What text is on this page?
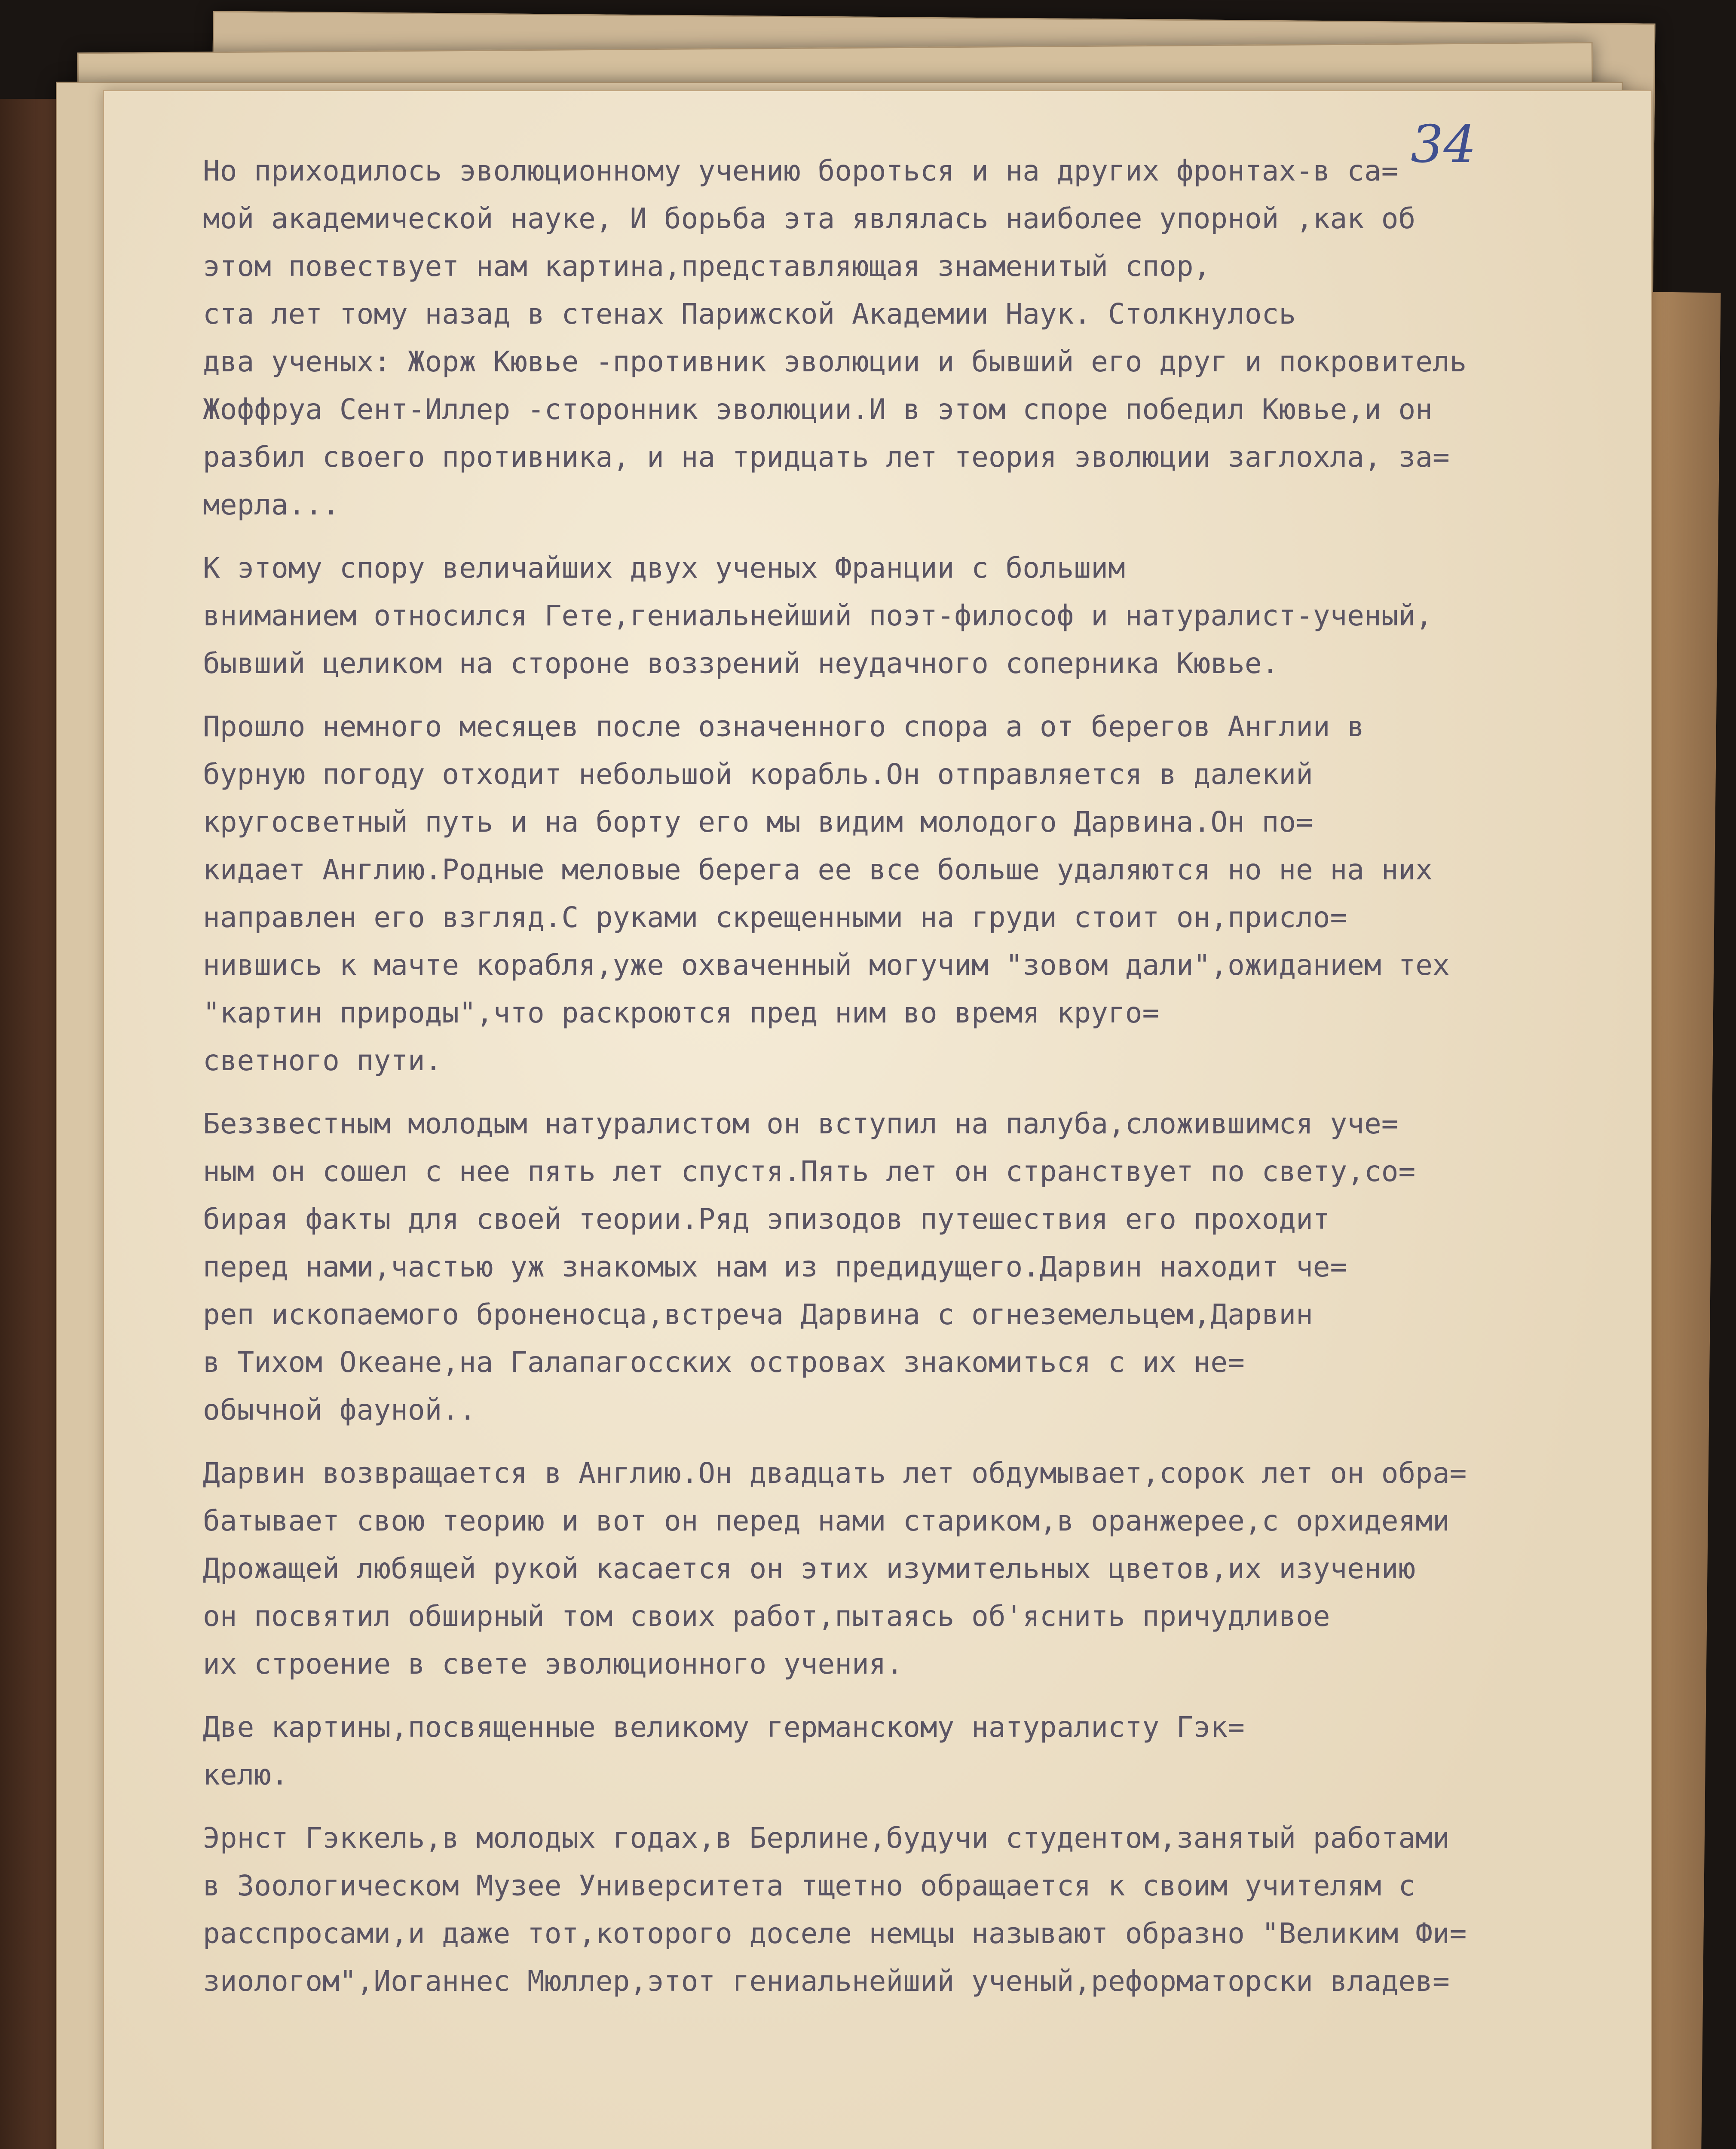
34
Но приходилось эволюционному учению бороться и на других фронтах-в са=
мой академической науке, И борьба эта являлась наиболее упорной ,как об
этом повествует нам картина,представляющая знаменитый спор,
ста лет тому назад в стенах Парижской Академии Наук. Столкнулось
два ученых: Жорж Кювье -противник эволюции и бывший его друг и покровитель
Жоффруа Сент-Иллер -сторонник эволюции.И в этом споре победил Кювье,и он
разбил своего противника, и на тридцать лет теория эволюции заглохла, за=
мерла...
К этому спору величайших двух ученых Франции с большим
вниманием относился Гете,гениальнейший поэт-философ и натуралист-ученый,
бывший целиком на стороне воззрений неудачного соперника Кювье.
Прошло немного месяцев после означенного спора а от берегов Англии в
бурную погоду отходит небольшой корабль.Он отправляется в далекий
кругосветный путь и на борту его мы видим молодого Дарвина.Он по=
кидает Англию.Родные меловые берега ее все больше удаляются но не на них
направлен его взгляд.С руками скрещенными на груди стоит он,присло=
нившись к мачте корабля,уже охваченный могучим "зовом дали",ожиданием тех
"картин природы",что раскроются пред ним во время круго=
светного пути.
Беззвестным молодым натуралистом он вступил на палуба,сложившимся уче=
ным он сошел с нее пять лет спустя.Пять лет он странствует по свету,со=
бирая факты для своей теории.Ряд эпизодов путешествия его проходит
перед нами,частью уж знакомых нам из предидущего.Дарвин находит че=
реп ископаемого броненосца,встреча Дарвина с огнеземельцем,Дарвин
в Тихом Океане,на Галапагосских островах знакомиться с их не=
обычной фауной..
Дарвин возвращается в Англию.Он двадцать лет обдумывает,сорок лет он обра=
батывает свою теорию и вот он перед нами стариком,в оранжерее,с орхидеями
Дрожащей любящей рукой касается он этих изумительных цветов,их изучению
он посвятил обширный том своих работ,пытаясь об'яснить причудливое
их строение в свете эволюционного учения.
Две картины,посвященные великому германскому натуралисту Гэк=
келю.
Эрнст Гэккель,в молодых годах,в Берлине,будучи студентом,занятый работами
в Зоологическом Музее Университета тщетно обращается к своим учителям с
расспросами,и даже тот,которого доселе немцы называют образно "Великим Фи=
зиологом",Иоганнес Мюллер,этот гениальнейший ученый,реформаторски владев=
